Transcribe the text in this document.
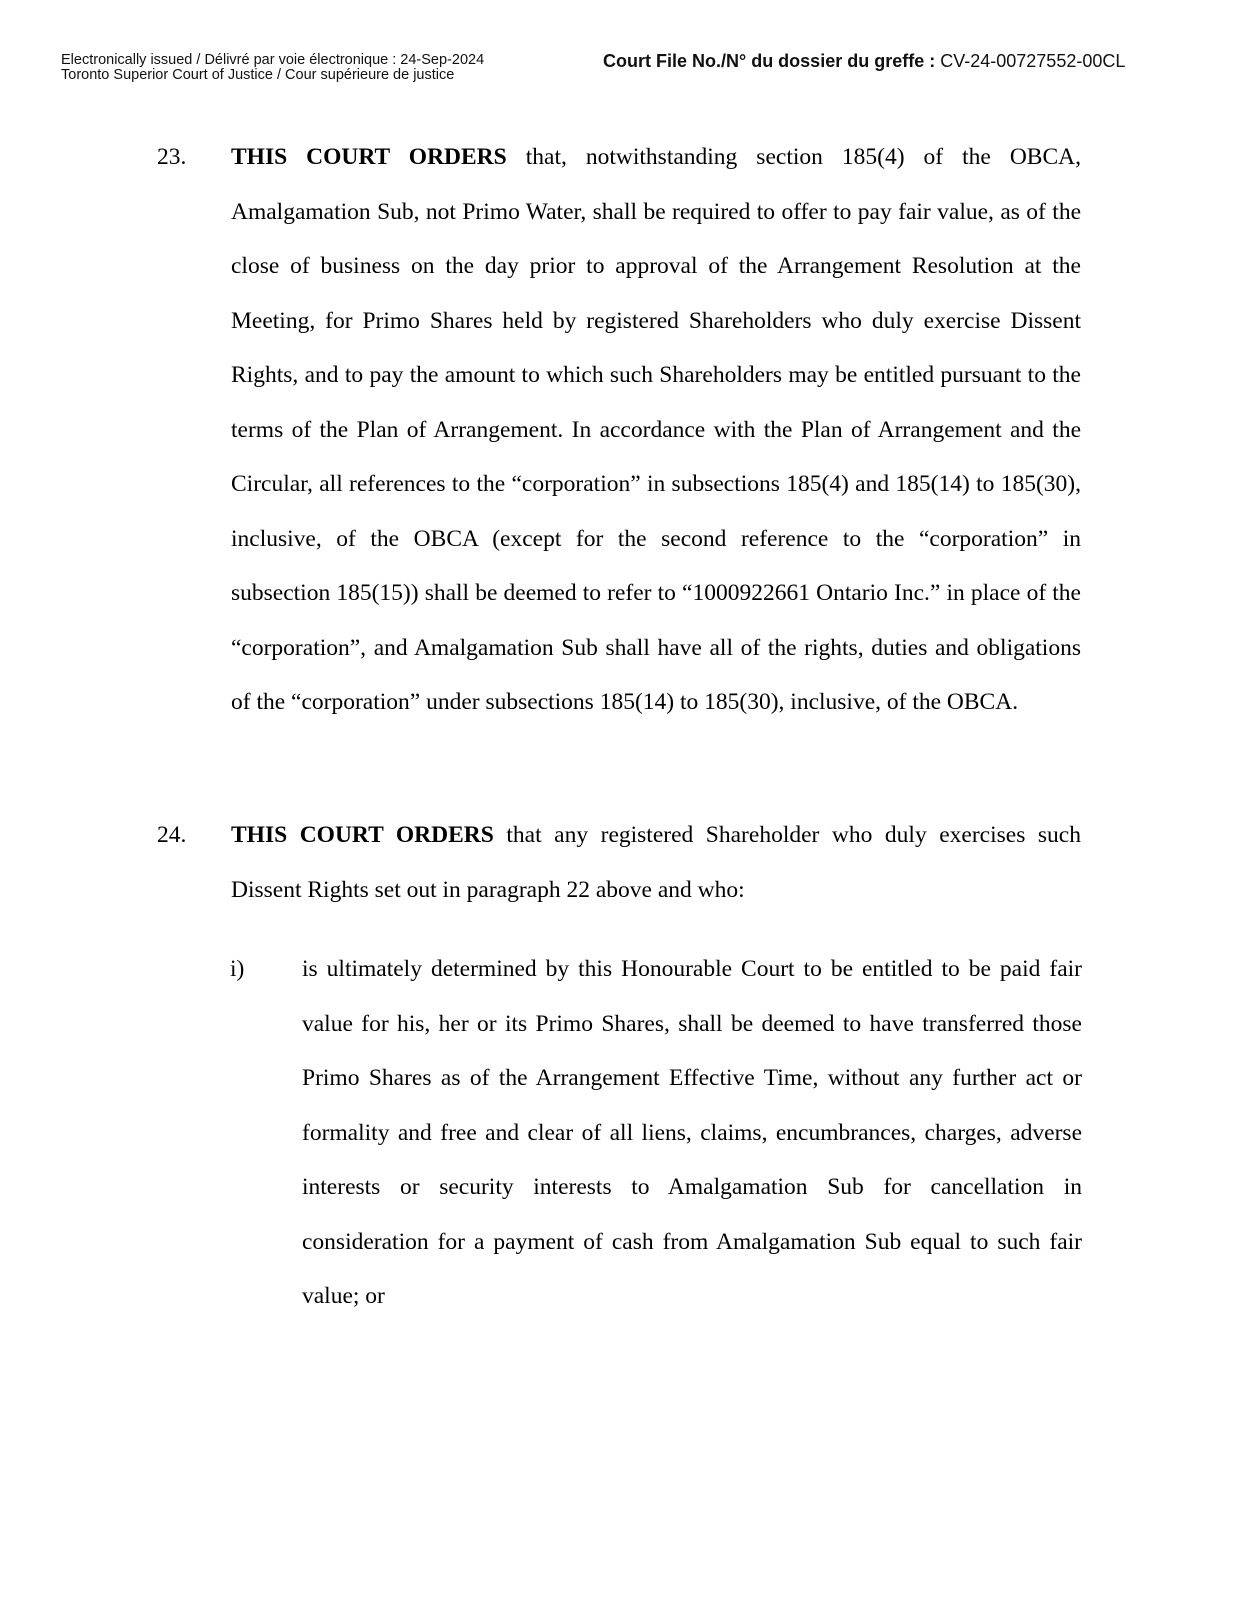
Electronically issued / Délivré par voie électronique : 24-Sep-2024
Toronto Superior Court of Justice / Cour supérieure de justice
Court File No./N° du dossier du greffe : CV-24-00727552-00CL
23. THIS COURT ORDERS that, notwithstanding section 185(4) of the OBCA, Amalgamation Sub, not Primo Water, shall be required to offer to pay fair value, as of the close of business on the day prior to approval of the Arrangement Resolution at the Meeting, for Primo Shares held by registered Shareholders who duly exercise Dissent Rights, and to pay the amount to which such Shareholders may be entitled pursuant to the terms of the Plan of Arrangement. In accordance with the Plan of Arrangement and the Circular, all references to the “corporation” in subsections 185(4) and 185(14) to 185(30), inclusive, of the OBCA (except for the second reference to the “corporation” in subsection 185(15)) shall be deemed to refer to “1000922661 Ontario Inc.” in place of the “corporation”, and Amalgamation Sub shall have all of the rights, duties and obligations of the “corporation” under subsections 185(14) to 185(30), inclusive, of the OBCA.
24. THIS COURT ORDERS that any registered Shareholder who duly exercises such Dissent Rights set out in paragraph 22 above and who:
i) is ultimately determined by this Honourable Court to be entitled to be paid fair value for his, her or its Primo Shares, shall be deemed to have transferred those Primo Shares as of the Arrangement Effective Time, without any further act or formality and free and clear of all liens, claims, encumbrances, charges, adverse interests or security interests to Amalgamation Sub for cancellation in consideration for a payment of cash from Amalgamation Sub equal to such fair value; or
